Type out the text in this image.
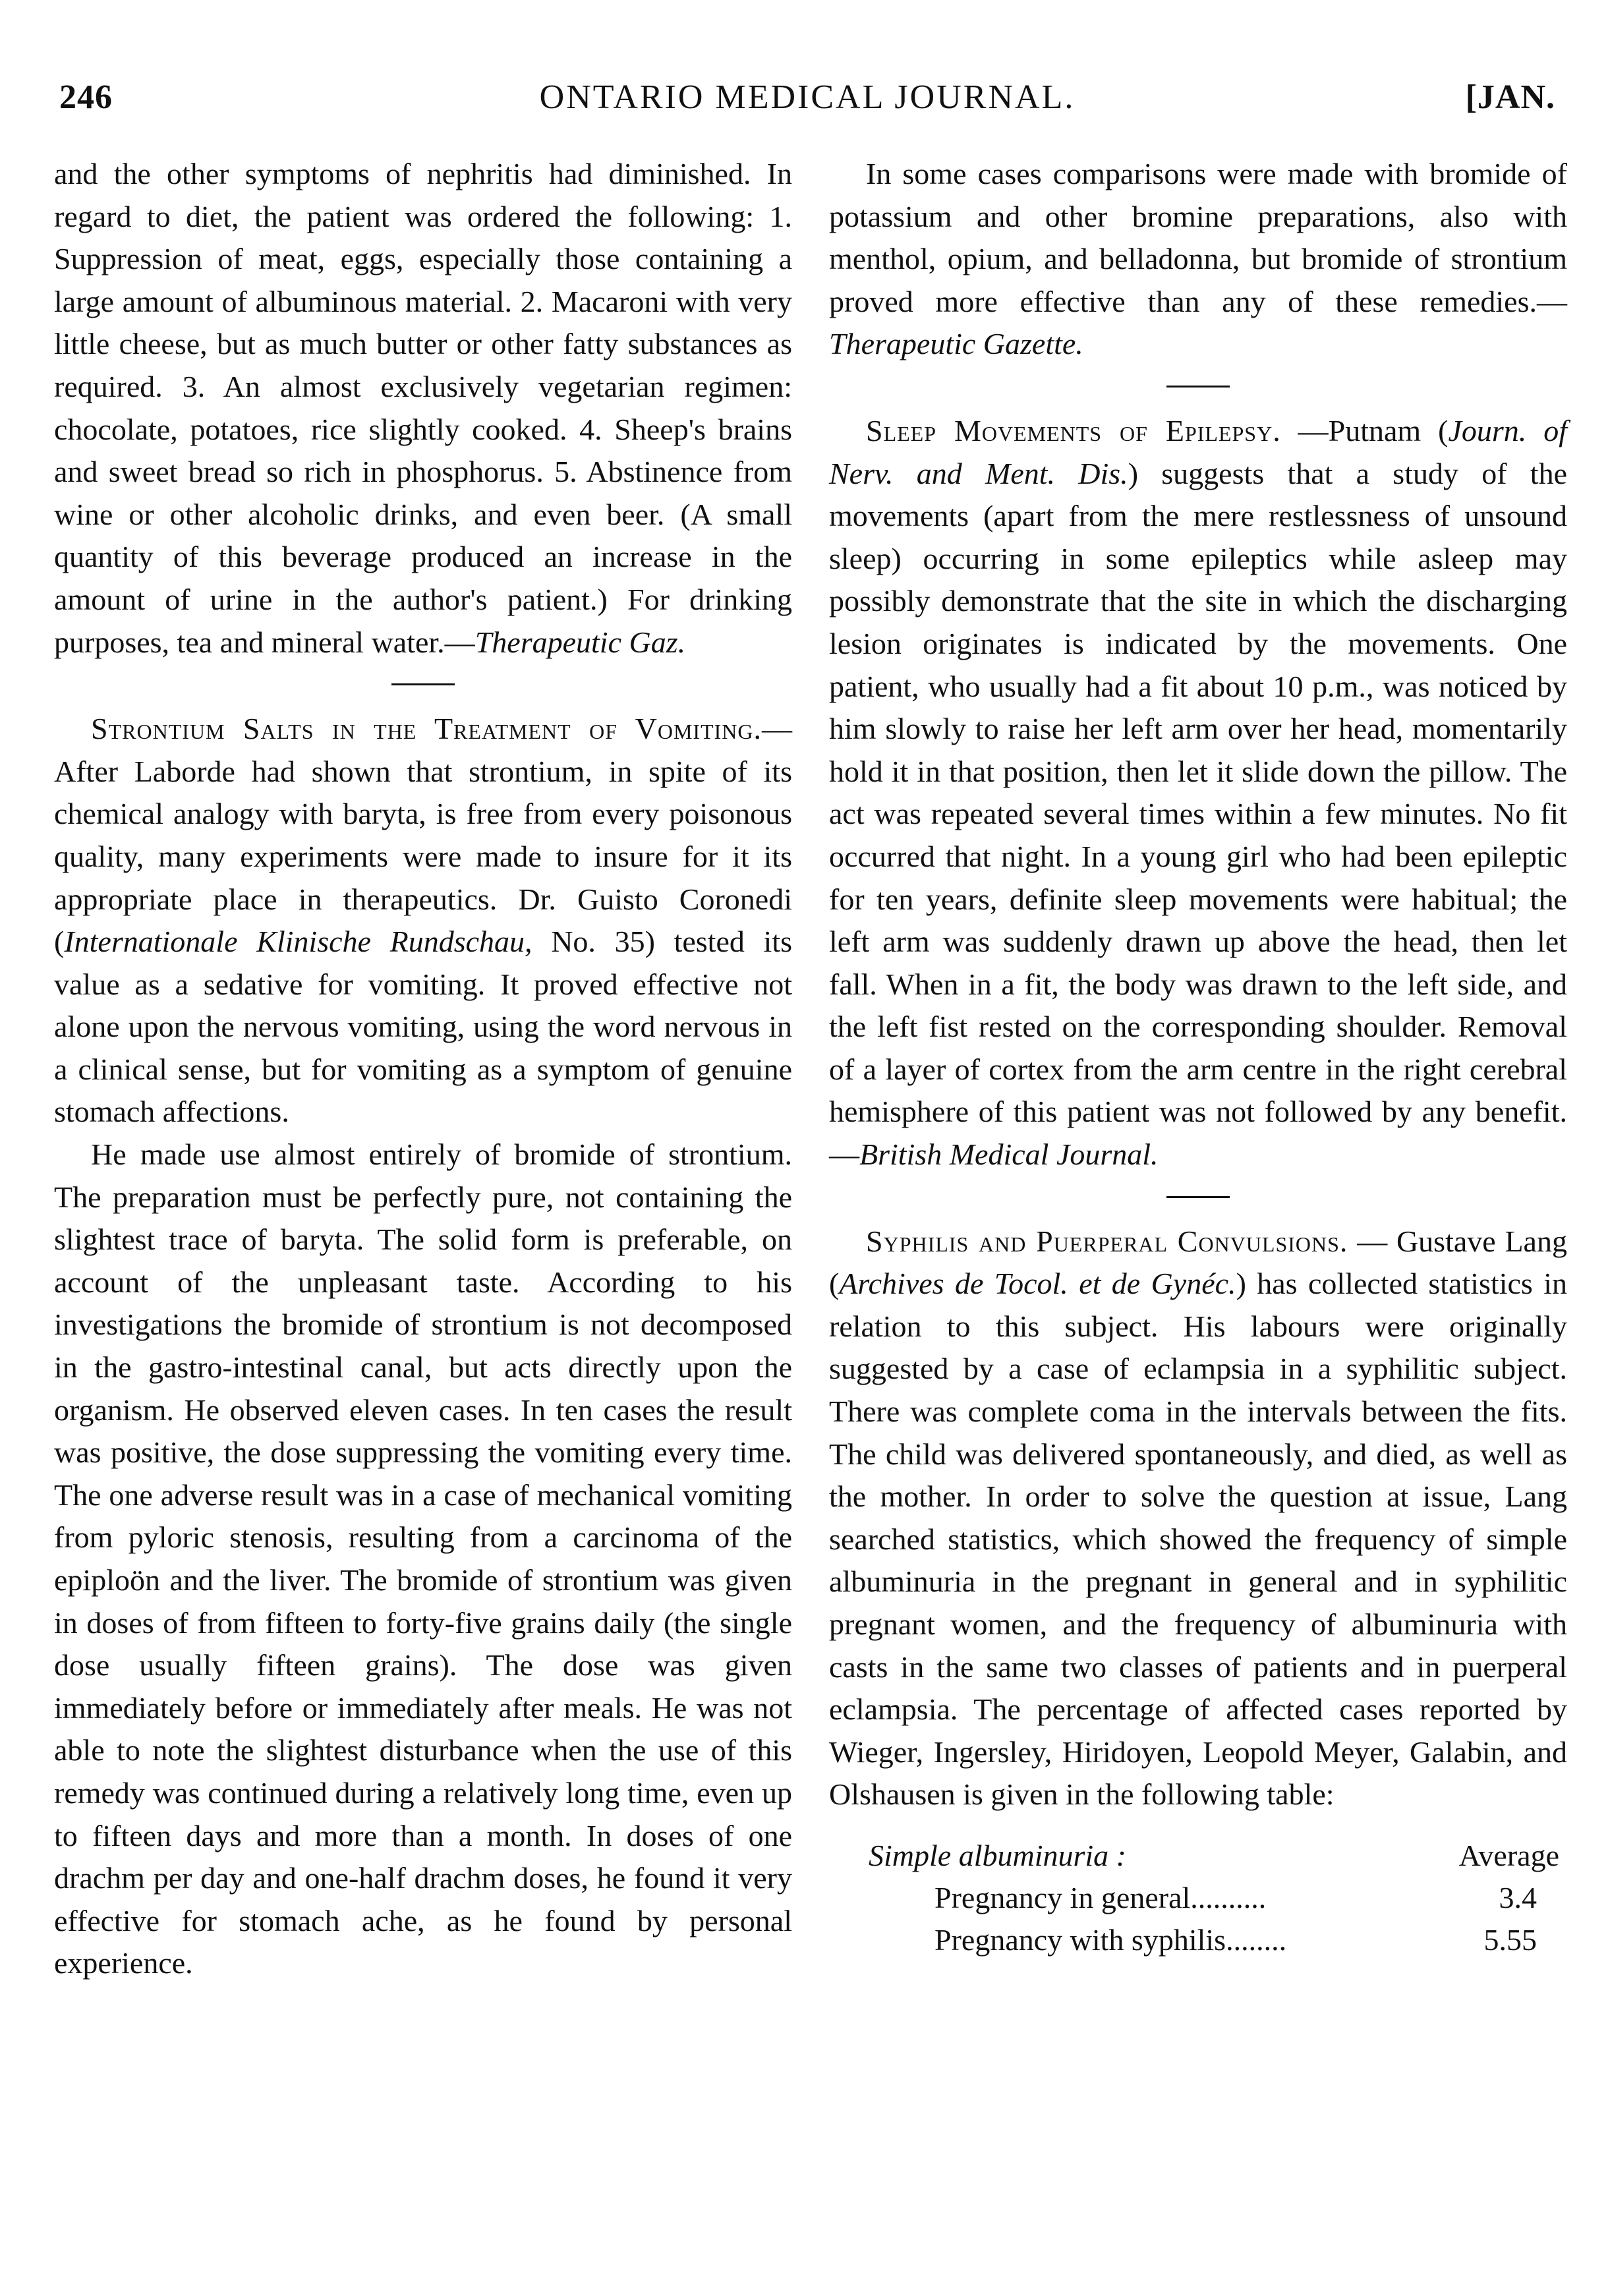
246	ONTARIO MEDICAL JOURNAL.	[JAN.

and the other symptoms of nephritis had diminished. In regard to diet, the patient was ordered the following: 1. Suppression of meat, eggs, especially those containing a large amount of albuminous material. 2. Macaroni with very little cheese, but as much butter or other fatty substances as required. 3. An almost exclusively vegetarian regimen: chocolate, potatoes, rice slightly cooked. 4. Sheep's brains and sweet bread so rich in phosphorus. 5. Abstinence from wine or other alcoholic drinks, and even beer. (A small quantity of this beverage produced an increase in the amount of urine in the author's patient.) For drinking purposes, tea and mineral water.—Therapeutic Gaz.

Strontium Salts in the Treatment of Vomiting.—After Laborde had shown that strontium, in spite of its chemical analogy with baryta, is free from every poisonous quality, many experiments were made to insure for it its appropriate place in therapeutics. Dr. Guisto Coronedi (Internationale Klinische Rundschau, No. 35) tested its value as a sedative for vomiting. It proved effective not alone upon the nervous vomiting, using the word nervous in a clinical sense, but for vomiting as a symptom of genuine stomach affections.

He made use almost entirely of bromide of strontium. The preparation must be perfectly pure, not containing the slightest trace of baryta. The solid form is preferable, on account of the unpleasant taste. According to his investigations the bromide of strontium is not decomposed in the gastro-intestinal canal, but acts directly upon the organism. He observed eleven cases. In ten cases the result was positive, the dose suppressing the vomiting every time. The one adverse result was in a case of mechanical vomiting from pyloric stenosis, resulting from a carcinoma of the epiploön and the liver. The bromide of strontium was given in doses of from fifteen to forty-five grains daily (the single dose usually fifteen grains). The dose was given immediately before or immediately after meals. He was not able to note the slightest disturbance when the use of this remedy was continued during a relatively long time, even up to fifteen days and more than a month. In doses of one drachm per day and one-half drachm doses, he found it very effective for stomach ache, as he found by personal experience.

In some cases comparisons were made with bromide of potassium and other bromine preparations, also with menthol, opium, and belladonna, but bromide of strontium proved more effective than any of these remedies.—Therapeutic Gazette.

Sleep Movements of Epilepsy. —Putnam (Journ. of Nerv. and Ment. Dis.) suggests that a study of the movements (apart from the mere restlessness of unsound sleep) occurring in some epileptics while asleep may possibly demonstrate that the site in which the discharging lesion originates is indicated by the movements. One patient, who usually had a fit about 10 p.m., was noticed by him slowly to raise her left arm over her head, momentarily hold it in that position, then let it slide down the pillow. The act was repeated several times within a few minutes. No fit occurred that night. In a young girl who had been epileptic for ten years, definite sleep movements were habitual; the left arm was suddenly drawn up above the head, then let fall. When in a fit, the body was drawn to the left side, and the left fist rested on the corresponding shoulder. Removal of a layer of cortex from the arm centre in the right cerebral hemisphere of this patient was not followed by any benefit.—British Medical Journal.

Syphilis and Puerperal Convulsions. — Gustave Lang (Archives de Tocol. et de Gynéc.) has collected statistics in relation to this subject. His labours were originally suggested by a case of eclampsia in a syphilitic subject. There was complete coma in the intervals between the fits. The child was delivered spontaneously, and died, as well as the mother. In order to solve the question at issue, Lang searched statistics, which showed the frequency of simple albuminuria in the pregnant in general and in syphilitic pregnant women, and the frequency of albuminuria with casts in the same two classes of patients and in puerperal eclampsia. The percentage of affected cases reported by Wieger, Ingersley, Hiridoyen, Leopold Meyer, Galabin, and Olshausen is given in the following table:

Simple albuminuria :	Average
Pregnancy in general..........	3.4
Pregnancy with syphilis........	5.55
